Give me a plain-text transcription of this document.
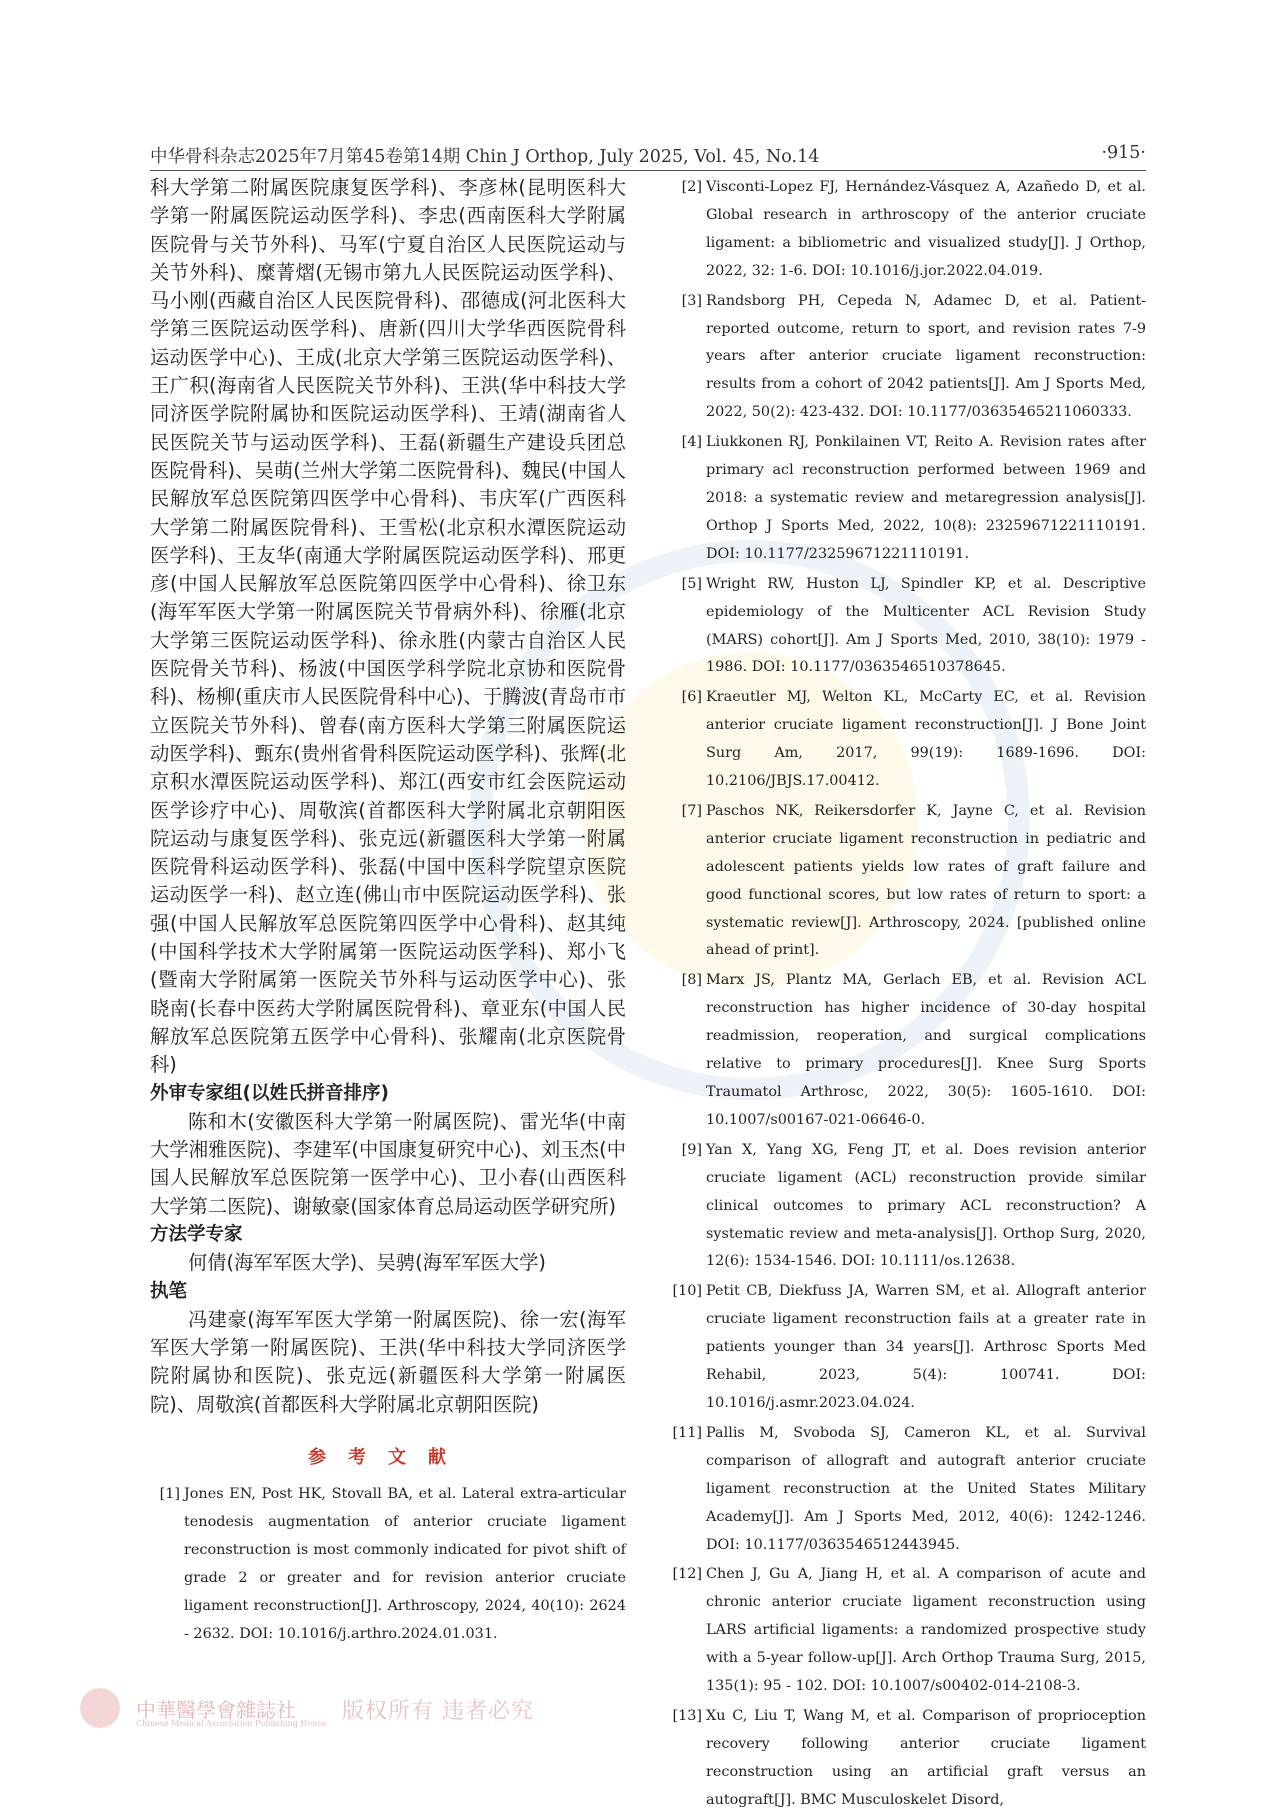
中华骨科杂志2025年7月第45卷第14期 Chin J Orthop, July 2025, Vol. 45, No.14	·915·

科大学第二附属医院康复医学科)、李彦林(昆明医科大学第一附属医院运动医学科)、李忠(西南医科大学附属医院骨与关节外科)、马军(宁夏自治区人民医院运动与关节外科)、糜菁熠(无锡市第九人民医院运动医学科)、马小刚(西藏自治区人民医院骨科)、邵德成(河北医科大学第三医院运动医学科)、唐新(四川大学华西医院骨科运动医学中心)、王成(北京大学第三医院运动医学科)、王广积(海南省人民医院关节外科)、王洪(华中科技大学同济医学院附属协和医院运动医学科)、王靖(湖南省人民医院关节与运动医学科)、王磊(新疆生产建设兵团总医院骨科)、吴萌(兰州大学第二医院骨科)、魏民(中国人民解放军总医院第四医学中心骨科)、韦庆军(广西医科大学第二附属医院骨科)、王雪松(北京积水潭医院运动医学科)、王友华(南通大学附属医院运动医学科)、邢更彦(中国人民解放军总医院第四医学中心骨科)、徐卫东(海军军医大学第一附属医院关节骨病外科)、徐雁(北京大学第三医院运动医学科)、徐永胜(内蒙古自治区人民医院骨关节科)、杨波(中国医学科学院北京协和医院骨科)、杨柳(重庆市人民医院骨科中心)、于腾波(青岛市市立医院关节外科)、曾春(南方医科大学第三附属医院运动医学科)、甄东(贵州省骨科医院运动医学科)、张辉(北京积水潭医院运动医学科)、郑江(西安市红会医院运动医学诊疗中心)、周敬滨(首都医科大学附属北京朝阳医院运动与康复医学科)、张克远(新疆医科大学第一附属医院骨科运动医学科)、张磊(中国中医科学院望京医院运动医学一科)、赵立连(佛山市中医院运动医学科)、张强(中国人民解放军总医院第四医学中心骨科)、赵其纯(中国科学技术大学附属第一医院运动医学科)、郑小飞(暨南大学附属第一医院关节外科与运动医学中心)、张晓南(长春中医药大学附属医院骨科)、章亚东(中国人民解放军总医院第五医学中心骨科)、张耀南(北京医院骨科)

外审专家组(以姓氏拼音排序)

陈和木(安徽医科大学第一附属医院)、雷光华(中南大学湘雅医院)、李建军(中国康复研究中心)、刘玉杰(中国人民解放军总医院第一医学中心)、卫小春(山西医科大学第二医院)、谢敏豪(国家体育总局运动医学研究所)

方法学专家

何倩(海军军医大学)、吴骋(海军军医大学)

执笔

冯建豪(海军军医大学第一附属医院)、徐一宏(海军军医大学第一附属医院)、王洪(华中科技大学同济医学院附属协和医院)、张克远(新疆医科大学第一附属医院)、周敬滨(首都医科大学附属北京朝阳医院)

参考文献

[1] Jones EN, Post HK, Stovall BA, et al. Lateral extra-articular tenodesis augmentation of anterior cruciate ligament reconstruction is most commonly indicated for pivot shift of grade 2 or greater and for revision anterior cruciate ligament reconstruction[J]. Arthroscopy, 2024, 40(10): 2624 - 2632. DOI: 10.1016/j.arthro.2024.01.031.
[2] Visconti-Lopez FJ, Hernández-Vásquez A, Azañedo D, et al. Global research in arthroscopy of the anterior cruciate ligament: a bibliometric and visualized study[J]. J Orthop, 2022, 32: 1-6. DOI: 10.1016/j.jor.2022.04.019.
[3] Randsborg PH, Cepeda N, Adamec D, et al. Patient-reported outcome, return to sport, and revision rates 7-9 years after anterior cruciate ligament reconstruction: results from a cohort of 2042 patients[J]. Am J Sports Med, 2022, 50(2): 423-432. DOI: 10.1177/03635465211060333.
[4] Liukkonen RJ, Ponkilainen VT, Reito A. Revision rates after primary acl reconstruction performed between 1969 and 2018: a systematic review and metaregression analysis[J]. Orthop J Sports Med, 2022, 10(8): 23259671221110191. DOI: 10.1177/23259671221110191.
[5] Wright RW, Huston LJ, Spindler KP, et al. Descriptive epidemiology of the Multicenter ACL Revision Study (MARS) cohort[J]. Am J Sports Med, 2010, 38(10): 1979 - 1986. DOI: 10.1177/0363546510378645.
[6] Kraeutler MJ, Welton KL, McCarty EC, et al. Revision anterior cruciate ligament reconstruction[J]. J Bone Joint Surg Am, 2017, 99(19): 1689-1696. DOI: 10.2106/JBJS.17.00412.
[7] Paschos NK, Reikersdorfer K, Jayne C, et al. Revision anterior cruciate ligament reconstruction in pediatric and adolescent patients yields low rates of graft failure and good functional scores, but low rates of return to sport: a systematic review[J]. Arthroscopy, 2024. [published online ahead of print].
[8] Marx JS, Plantz MA, Gerlach EB, et al. Revision ACL reconstruction has higher incidence of 30-day hospital readmission, reoperation, and surgical complications relative to primary procedures[J]. Knee Surg Sports Traumatol Arthrosc, 2022, 30(5): 1605-1610. DOI: 10.1007/s00167-021-06646-0.
[9] Yan X, Yang XG, Feng JT, et al. Does revision anterior cruciate ligament (ACL) reconstruction provide similar clinical outcomes to primary ACL reconstruction? A systematic review and meta-analysis[J]. Orthop Surg, 2020, 12(6): 1534-1546. DOI: 10.1111/os.12638.
[10] Petit CB, Diekfuss JA, Warren SM, et al. Allograft anterior cruciate ligament reconstruction fails at a greater rate in patients younger than 34 years[J]. Arthrosc Sports Med Rehabil, 2023, 5(4): 100741. DOI: 10.1016/j.asmr.2023.04.024.
[11] Pallis M, Svoboda SJ, Cameron KL, et al. Survival comparison of allograft and autograft anterior cruciate ligament reconstruction at the United States Military Academy[J]. Am J Sports Med, 2012, 40(6): 1242-1246. DOI: 10.1177/0363546512443945.
[12] Chen J, Gu A, Jiang H, et al. A comparison of acute and chronic anterior cruciate ligament reconstruction using LARS artificial ligaments: a randomized prospective study with a 5-year follow-up[J]. Arch Orthop Trauma Surg, 2015, 135(1): 95 - 102. DOI: 10.1007/s00402-014-2108-3.
[13] Xu C, Liu T, Wang M, et al. Comparison of proprioception recovery following anterior cruciate ligament reconstruction using an artificial graft versus an autograft[J]. BMC Musculoskelet Disord,
中華醫學會雜誌社
Chinese Medical Association Publishing House 版权所有 违者必究
